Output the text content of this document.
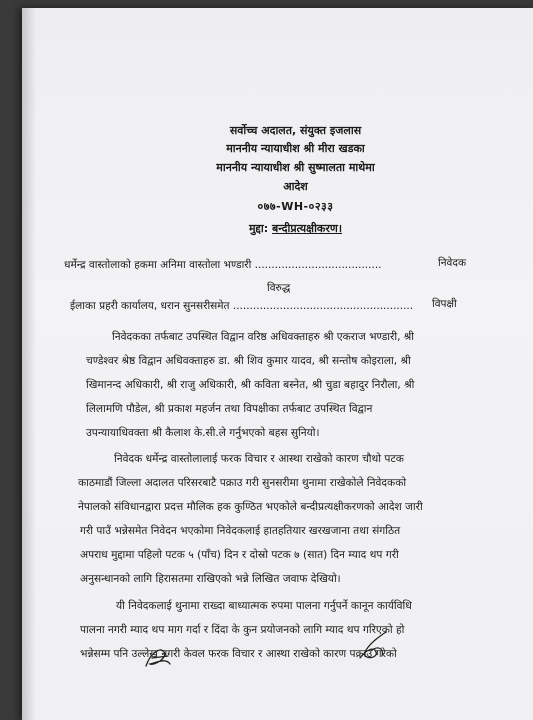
सर्वोच्च अदालत, संयुक्त इजलास
माननीय न्यायाधीश श्री मीरा खडका
माननीय न्यायाधीश श्री सुष्मालता माथेमा
आदेश
०७७-WH-०२३३
मुद्दा: बन्दीप्रत्यक्षीकरण।
धर्मेन्द्र वास्तोलाको हकमा अनिमा वास्तोला भण्डारी ......................................	निवेदक
विरुद्ध
ईलाका प्रहरी कार्यालय, धरान सुनसरीसमेत ...................................................... विपक्षी
निवेदकका तर्फबाट उपस्थित विद्वान वरिष्ठ अधिवक्ताहरु श्री एकराज भण्डारी, श्री
चण्डेश्वर श्रेष्ठ विद्वान अधिवक्ताहरु डा. श्री शिव कुमार यादव, श्री सन्तोष कोइराला, श्री
खिमानन्द अधिकारी, श्री राजु अधिकारी, श्री कविता बस्नेत, श्री चुडा बहादुर निरौला, श्री
लिलामणि पौडेल, श्री प्रकाश महर्जन तथा विपक्षीका तर्फबाट उपस्थित विद्वान
उपन्यायाधिवक्ता श्री कैलाश के.सी.ले गर्नुभएको बहस सुनियो।
निवेदक धर्मेन्द्र वास्तोलालाई फरक विचार र आस्था राखेको कारण चौथो पटक
काठमाडौं जिल्ला अदालत परिसरबाटै पक्राउ गरी सुनसरीमा थुनामा राखेकोले निवेदकको
नेपालको संविधानद्वारा प्रदत्त मौलिक हक कुण्ठित भएकोले बन्दीप्रत्यक्षीकरणको आदेश जारी
गरी पाउँ भन्नेसमेत निवेदन भएकोमा निवेदकलाई हातहतियार खरखजाना तथा संगठित
अपराध मुद्दामा पहिलो पटक ५ (पाँच) दिन र दोस्रो पटक ७ (सात) दिन म्याद थप गरी
अनुसन्धानको लागि हिरासतमा राखिएको भन्ने लिखित जवाफ देखियो।
यी निवेदकलाई थुनामा राख्दा बाध्यात्मक रुपमा पालना गर्नुपर्ने कानून कार्यविधि
पालना नगरी म्याद थप माग गर्दा र दिंदा के कुन प्रयोजनको लागि म्याद थप गरिएको हो
भन्नेसम्म पनि उल्लेख नगरी केवल फरक विचार र आस्था राखेको कारण पक्राउ गरेको
